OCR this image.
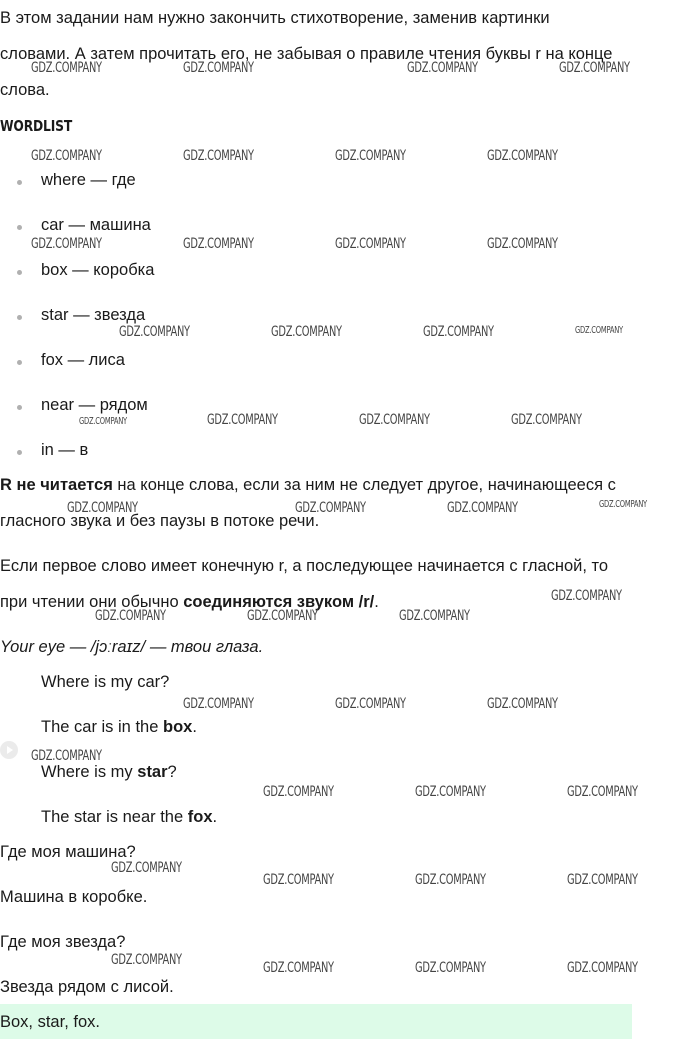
В этом задании нам нужно закончить стихотворение, заменив картинки
словами. А затем прочитать его, не забывая о правиле чтения буквы r на конце
слова.
WORDLIST
where — где
car — машина
box — коробка
star — звезда
fox — лиса
near — рядом
in — в
R не читается на конце слова, если за ним не следует другое, начинающееся с
гласного звука и без паузы в потоке речи.
Если первое слово имеет конечную r, а последующее начинается с гласной, то
при чтении они обычно соединяются звуком /r/.
Your eye — /jɔːraɪz/ — твои глаза.
Where is my car?
The car is in the box.
Where is my star?
The star is near the fox.
Где моя машина?
Машина в коробке.
Где моя звезда?
Звезда рядом с лисой.
Box, star, fox.
GDZ.COMPANY	GDZ.COMPANY	GDZ.COMPANY	GDZ.COMPANY
GDZ.COMPANY	GDZ.COMPANY	GDZ.COMPANY	GDZ.COMPANY
GDZ.COMPANY	GDZ.COMPANY	GDZ.COMPANY	GDZ.COMPANY
GDZ.COMPANY	GDZ.COMPANY	GDZ.COMPANY	GDZ.COMPANY
GDZ.COMPANY	GDZ.COMPANY	GDZ.COMPANY	GDZ.COMPANY
GDZ.COMPANY	GDZ.COMPANY	GDZ.COMPANY	GDZ.COMPANY
GDZ.COMPANY
GDZ.COMPANY	GDZ.COMPANY	GDZ.COMPANY
GDZ.COMPANY	GDZ.COMPANY	GDZ.COMPANY
GDZ.COMPANY
GDZ.COMPANY	GDZ.COMPANY	GDZ.COMPANY
GDZ.COMPANY
GDZ.COMPANY	GDZ.COMPANY	GDZ.COMPANY
GDZ.COMPANY	GDZ.COMPANY	GDZ.COMPANY	GDZ.COMPANY
